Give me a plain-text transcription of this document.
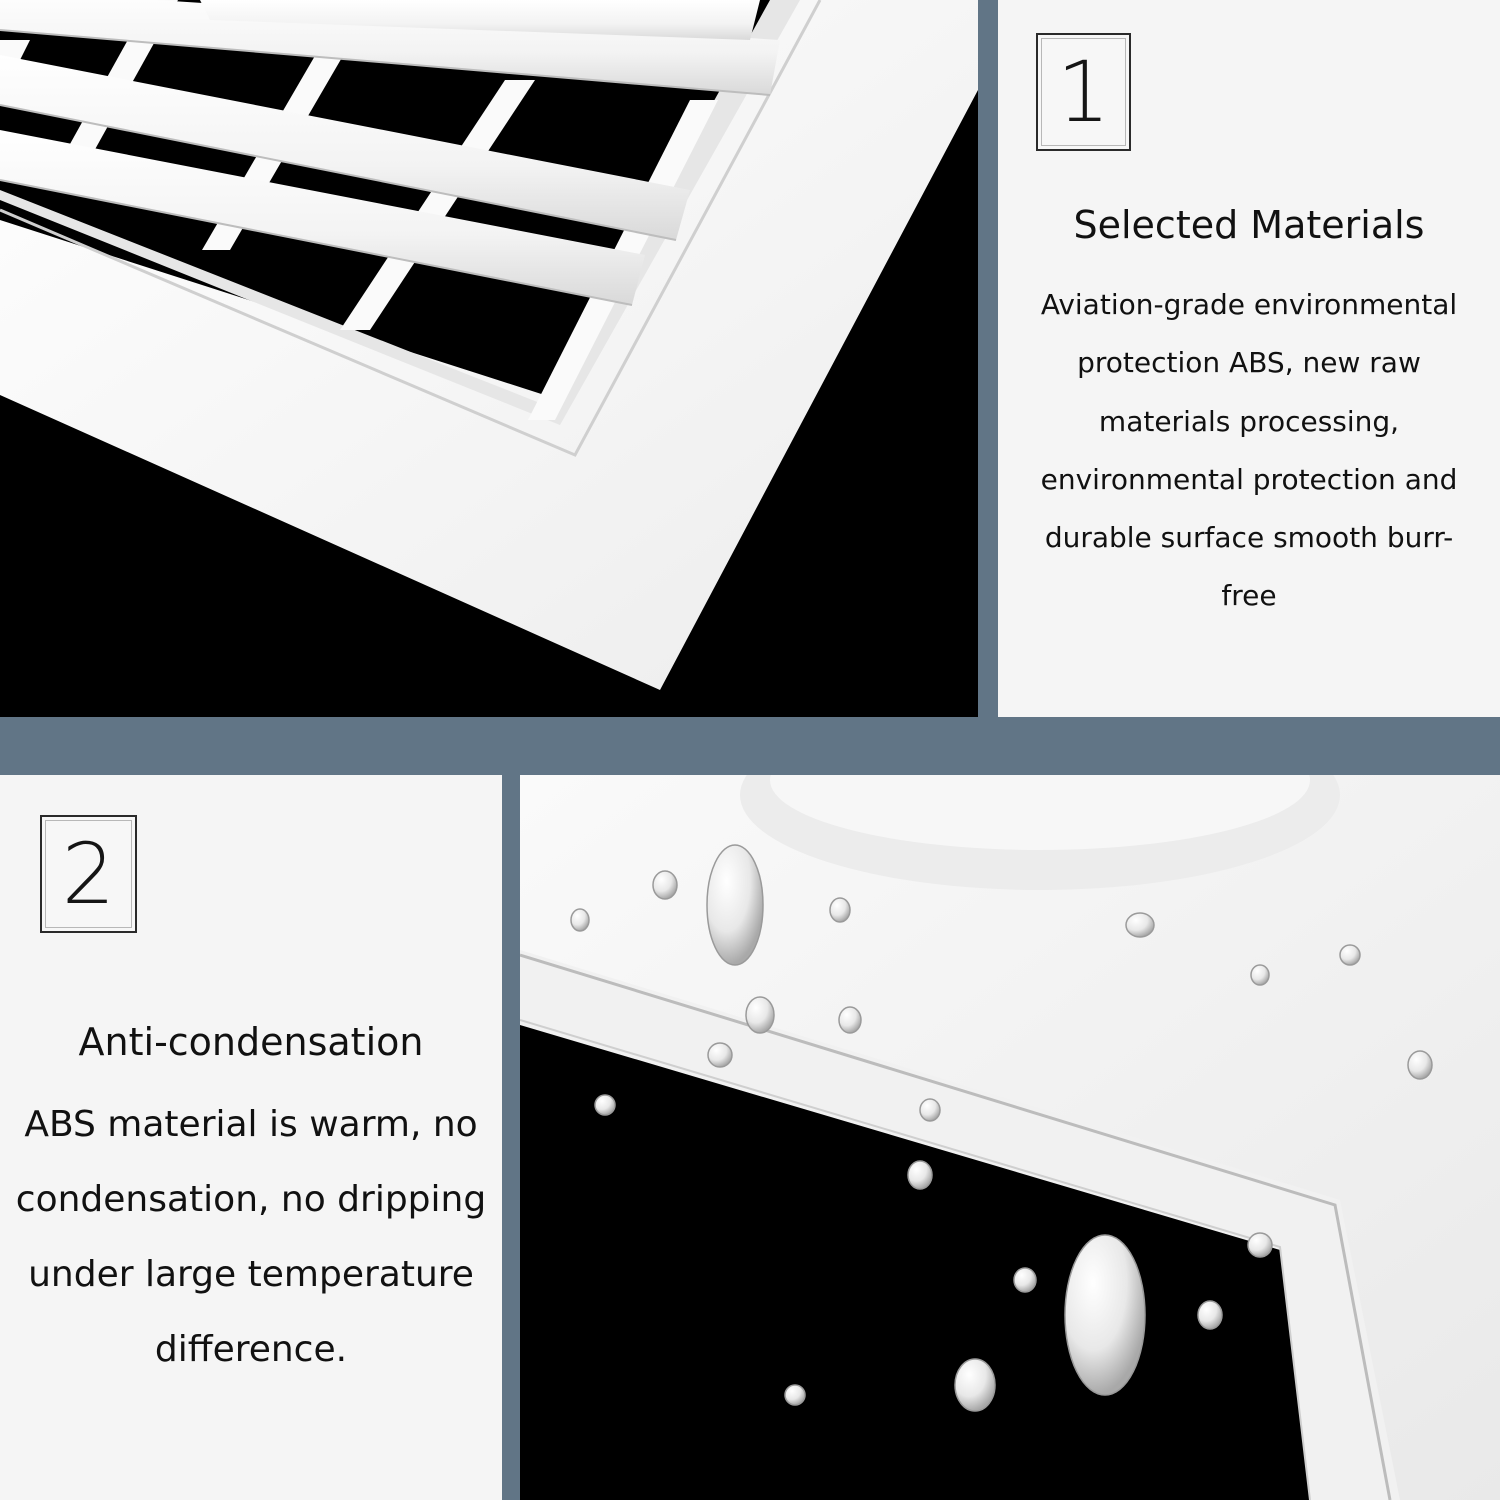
1
Selected Materials
Aviation-grade environmental protection ABS, new raw materials processing, environmental protection and durable surface smooth burr-free
2
Anti-condensation
ABS material is warm, no condensation, no dripping under large temperature difference.
